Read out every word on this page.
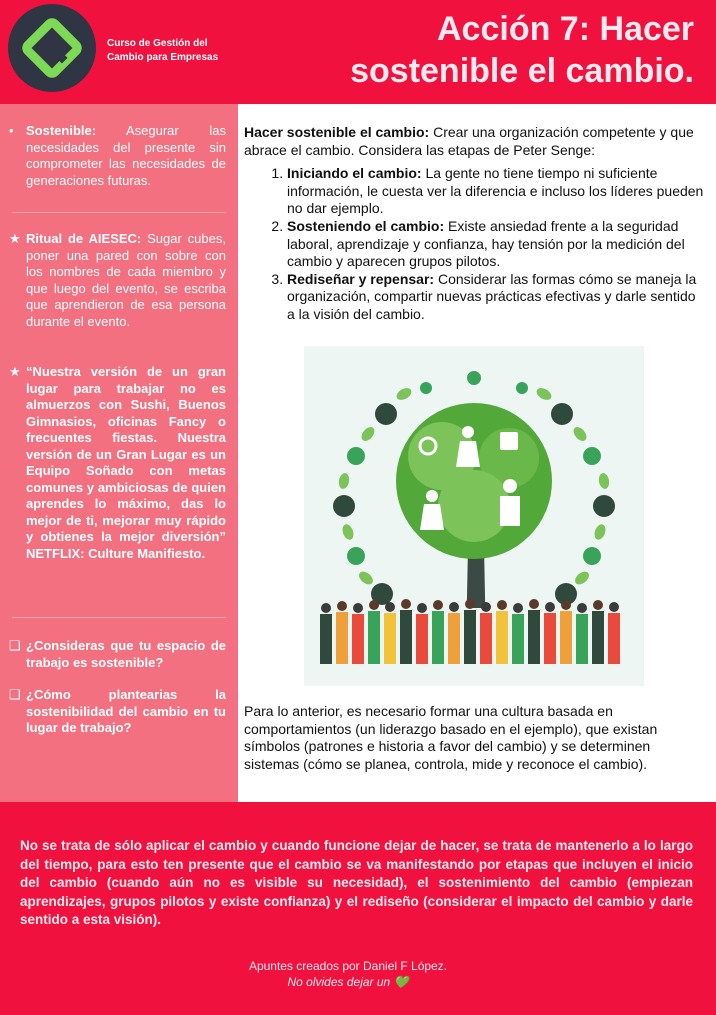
Curso de Gestión del
Cambio para Empresas
Acción 7: Hacer
sostenible el cambio.
• Sostenible: Asegurar las necesidades del presente sin comprometer las necesidades de generaciones futuras.
★ Ritual de AIESEC: Sugar cubes, poner una pared con sobre con los nombres de cada miembro y que luego del evento, se escriba que aprendieron de esa persona durante el evento.
★ “Nuestra versión de un gran lugar para trabajar no es almuerzos con Sushi, Buenos Gimnasios, oficinas Fancy o frecuentes fiestas. Nuestra versión de un Gran Lugar es un Equipo Soñado con metas comunes y ambiciosas de quien aprendes lo máximo, das lo mejor de ti, mejorar muy rápido y obtienes la mejor diversión” NETFLIX: Culture Manifiesto.
❑ ¿Consideras que tu espacio de trabajo es sostenible?
❑ ¿Cómo plantearias la sostenibilidad del cambio en tu lugar de trabajo?
Hacer sostenible el cambio: Crear una organización competente y que abrace el cambio. Considera las etapas de Peter Senge:
1. Iniciando el cambio: La gente no tiene tiempo ni suficiente información, le cuesta ver la diferencia e incluso los líderes pueden no dar ejemplo.
2. Sosteniendo el cambio: Existe ansiedad frente a la seguridad laboral, aprendizaje y confianza, hay tensión por la medición del cambio y aparecen grupos pilotos.
3. Rediseñar y repensar: Considerar las formas cómo se maneja la organización, compartir nuevas prácticas efectivas y darle sentido a la visión del cambio.
Para lo anterior, es necesario formar una cultura basada en comportamientos (un liderazgo basado en el ejemplo), que existan símbolos (patrones e historia a favor del cambio) y se determinen sistemas (cómo se planea, controla, mide y reconoce el cambio).
No se trata de sólo aplicar el cambio y cuando funcione dejar de hacer, se trata de mantenerlo a lo largo del tiempo, para esto ten presente que el cambio se va manifestando por etapas que incluyen el inicio del cambio (cuando aún no es visible su necesidad), el sostenimiento del cambio (empiezan aprendizajes, grupos pilotos y existe confianza) y el rediseño (considerar el impacto del cambio y darle sentido a esta visión).
Apuntes creados por Daniel F López.
No olvides dejar un 💚
